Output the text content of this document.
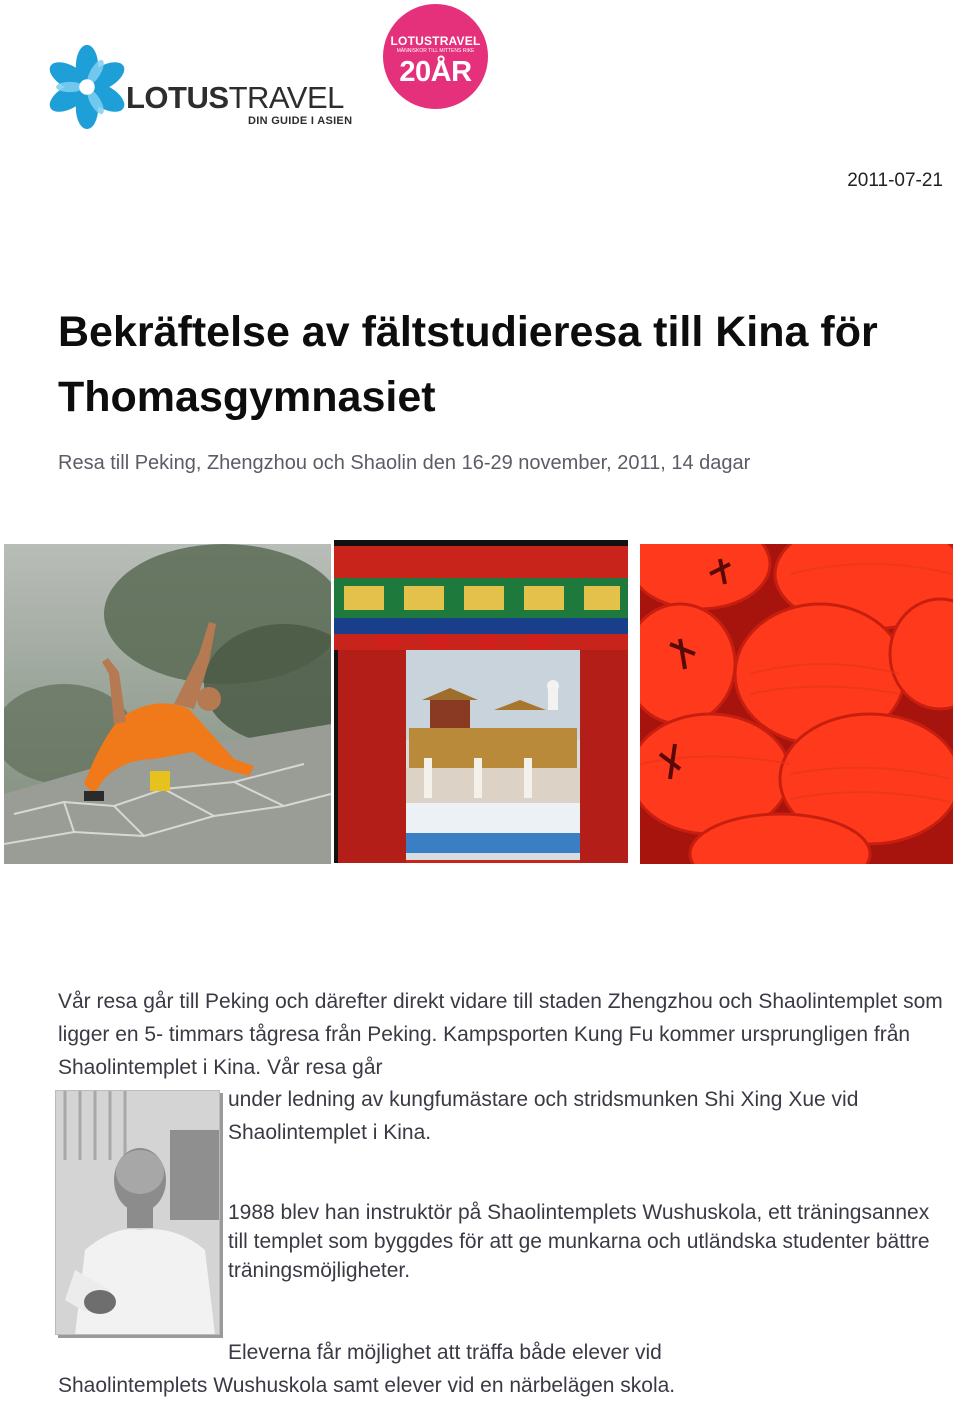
LOTUSTRAVEL
DIN GUIDE I ASIEN
LOTUSTRAVEL
MÄNNISKOR TILL MITTENS RIKE
20ÅR
2011-07-21
Bekräftelse av fältstudieresa till Kina för Thomasgymnasiet
Resa till Peking, Zhengzhou och Shaolin den 16-29 november, 2011, 14 dagar
Vår resa går till Peking och därefter direkt vidare till staden Zhengzhou och Shaolintemplet som ligger en 5- timmars tågresa från Peking. Kampsporten Kung Fu kommer ursprungligen från Shaolintemplet i Kina. Vår resa går
under ledning av kungfumästare och stridsmunken Shi Xing Xue vid Shaolintemplet i Kina.
1988 blev han instruktör på Shaolintemplets Wushuskola, ett träningsannex till templet som byggdes för att ge munkarna och utländska studenter bättre träningsmöjligheter.
Eleverna får möjlighet att träffa både elever vid
Shaolintemplets Wushuskola samt elever vid en närbelägen skola.
